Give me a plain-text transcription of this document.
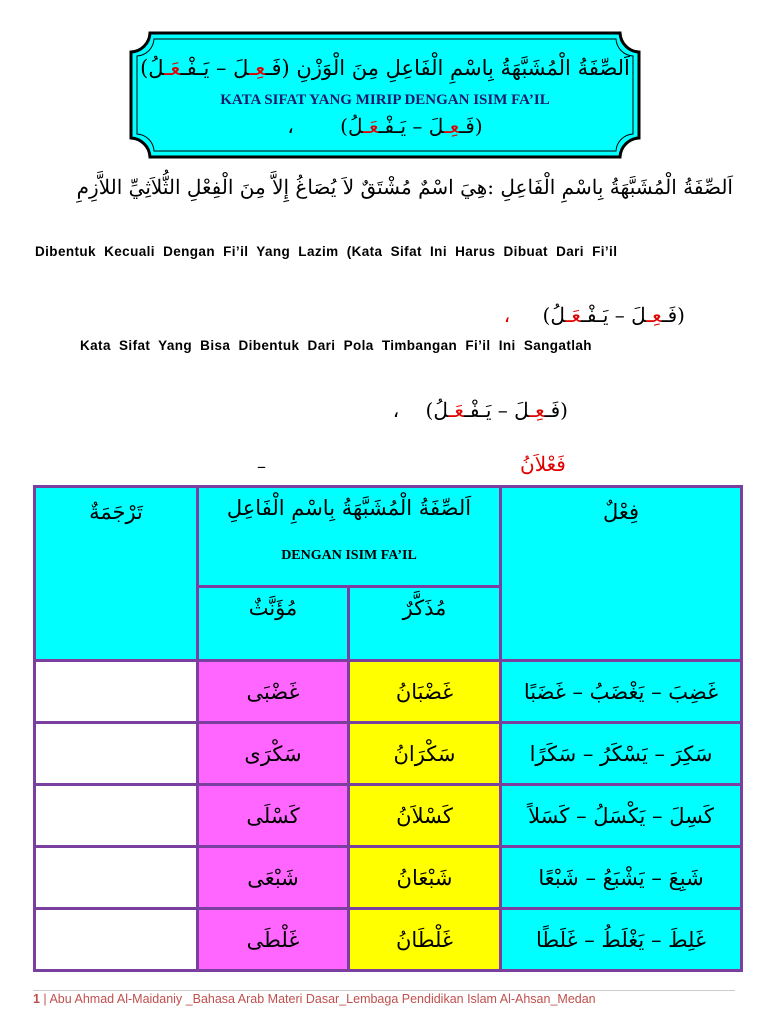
اَلصِّفَةُ الْمُشَبَّهَةُ بِاسْمِ الْفَاعِلِ مِنَ الْوَزْنِ (فَـعِـلَ – يَـفْـعَـلُ)
KATA SIFAT YANG MIRIP DENGAN ISIM FA’IL
(فَـعِـلَ – يَـفْـعَـلُ) ،
اَلصِّفَةُ الْمُشَبَّهَةُ بِاسْمِ الْفَاعِلِ :هِيَ اسْمٌ مُشْتَقٌ لاَ يُصَاغُ إِلاَّ مِنَ الْفِعْلِ الثُّلاَثِيِّ اللاَّزِمِ
Dibentuk Kecuali Dengan Fi’il Yang Lazim (Kata Sifat Ini Harus Dibuat Dari Fi’il
(فَـعِـلَ – يَـفْـعَـلُ) ،
Kata Sifat Yang Bisa Dibentuk Dari Pola Timbangan Fi’il Ini Sangatlah
(فَـعِـلَ – يَـفْـعَـلُ) ،
فَعْلاَنُ
–
تَرْجَمَةٌ	اَلصِّفَةُ الْمُشَبَّهَةُ بِاسْمِ الْفَاعِلِ
DENGAN ISIM FA’IL		فِعْلٌ
	مُؤَنَّثٌ	مُذَكَّرٌ	
	غَضْبَى	غَضْبَانُ	غَضِبَ – يَغْضَبُ – غَضَبًا
	سَكْرَى	سَكْرَانُ	سَكِرَ – يَسْكَرُ – سَكَرًا
	كَسْلَى	كَسْلاَنُ	كَسِلَ – يَكْسَلُ – كَسَلاً
	شَبْعَى	شَبْعَانُ	شَبِعَ – يَشْبَعُ – شَبْعًا
	غَلْطَى	غَلْطَانُ	غَلِطَ – يَغْلَطُ – غَلَطًا
1 | Abu Ahmad Al-Maidaniy _Bahasa Arab Materi Dasar_Lembaga Pendidikan Islam Al-Ahsan_Medan
